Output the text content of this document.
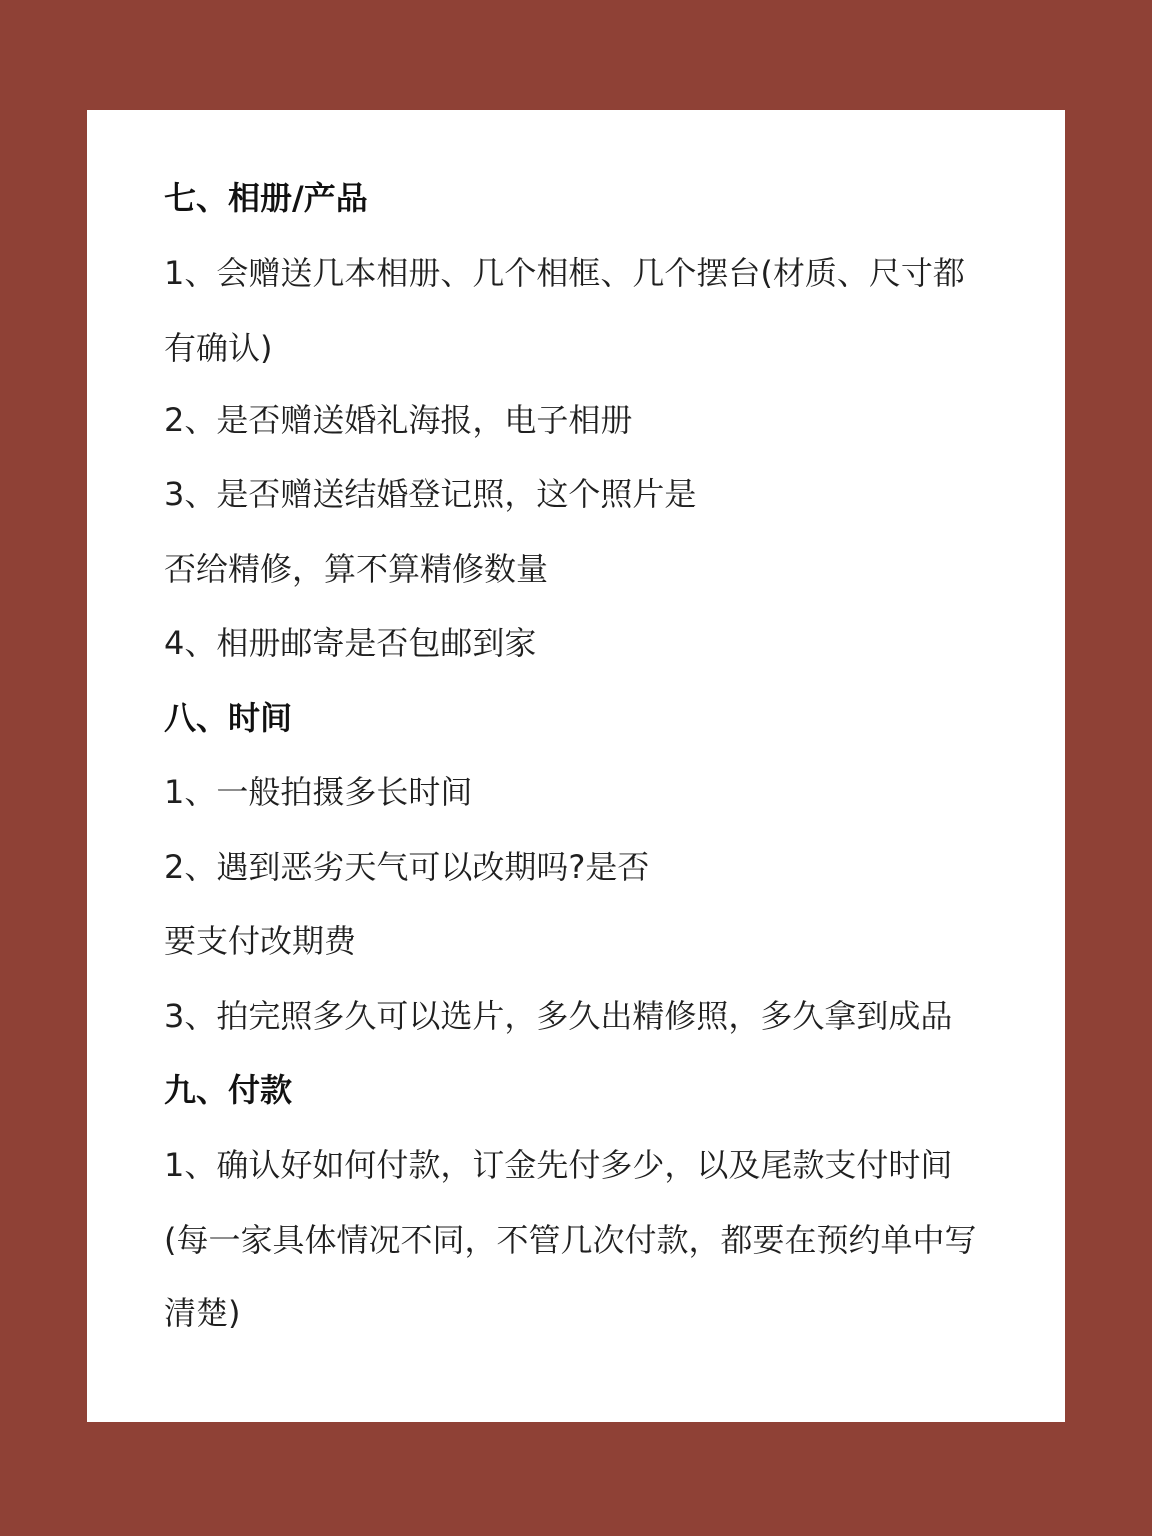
七、相册/产品

1、会赠送几本相册、几个相框、几个摆台(材质、尺寸都

有确认)

2、是否赠送婚礼海报，电子相册

3、是否赠送结婚登记照，这个照片是

否给精修，算不算精修数量

4、相册邮寄是否包邮到家

八、时间

1、一般拍摄多长时间

2、遇到恶劣天气可以改期吗?是否

要支付改期费

3、拍完照多久可以选片，多久出精修照，多久拿到成品

九、付款

1、确认好如何付款，订金先付多少，以及尾款支付时间

(每一家具体情况不同，不管几次付款，都要在预约单中写

清楚)
